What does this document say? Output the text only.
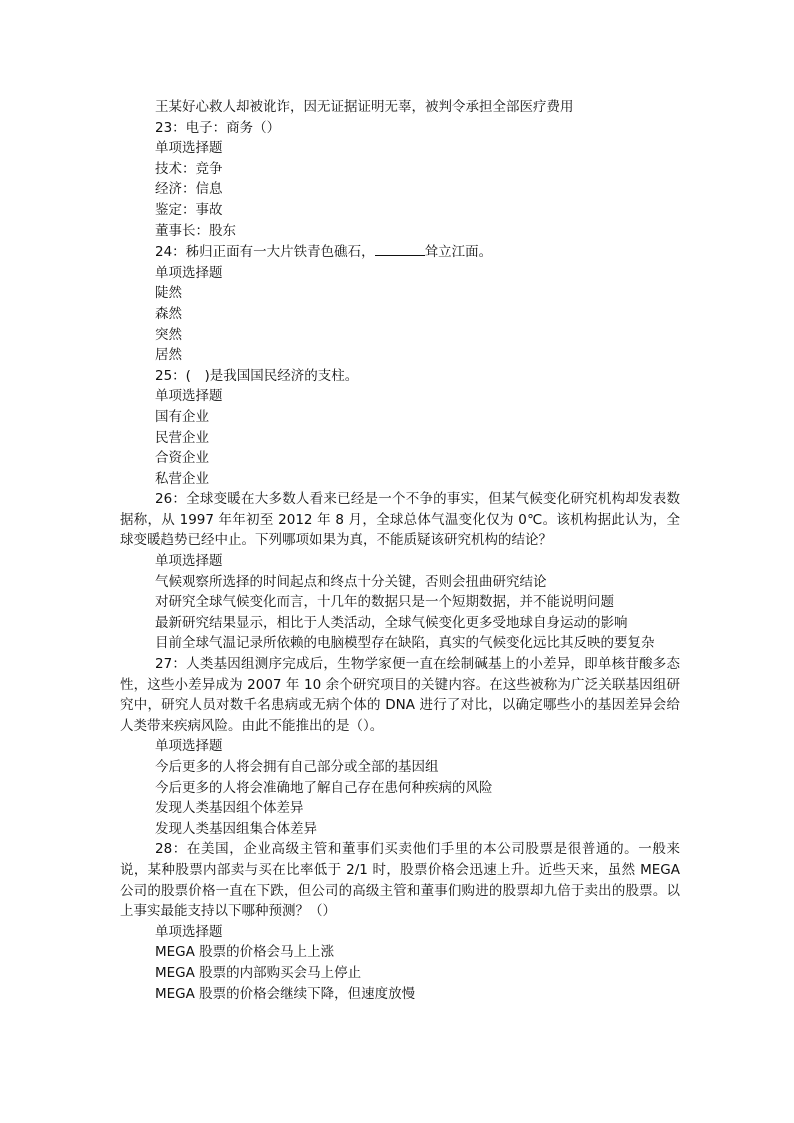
王某好心救人却被讹诈，因无证据证明无辜，被判令承担全部医疗费用
23：电子：商务（）
单项选择题
技术：竞争
经济：信息
鉴定：事故
董事长：股东
24：秭归正面有一大片铁青色礁石，	耸立江面。
单项选择题
陡然
森然
突然
居然
25：(　)是我国国民经济的支柱。
单项选择题
国有企业
民营企业
合资企业
私营企业
26：全球变暖在大多数人看来已经是一个不争的事实，但某气候变化研究机构却发表数据称，从 1997 年年初至 2012 年 8 月，全球总体气温变化仅为 0℃。该机构据此认为，全球变暖趋势已经中止。下列哪项如果为真，不能质疑该研究机构的结论？
单项选择题
气候观察所选择的时间起点和终点十分关键，否则会扭曲研究结论
对研究全球气候变化而言，十几年的数据只是一个短期数据，并不能说明问题
最新研究结果显示，相比于人类活动，全球气候变化更多受地球自身运动的影响
目前全球气温记录所依赖的电脑模型存在缺陷，真实的气候变化远比其反映的要复杂
27：人类基因组测序完成后，生物学家便一直在绘制碱基上的小差异，即单核苷酸多态性，这些小差异成为 2007 年 10 余个研究项目的关键内容。在这些被称为广泛关联基因组研究中，研究人员对数千名患病或无病个体的 DNA 进行了对比，以确定哪些小的基因差异会给人类带来疾病风险。由此不能推出的是（）。
单项选择题
今后更多的人将会拥有自己部分或全部的基因组
今后更多的人将会准确地了解自己存在患何种疾病的风险
发现人类基因组个体差异
发现人类基因组集合体差异
28：在美国，企业高级主管和董事们买卖他们手里的本公司股票是很普通的。一般来说，某种股票内部卖与买在比率低于 2/1 时，股票价格会迅速上升。近些天来，虽然 MEGA 公司的股票价格一直在下跌，但公司的高级主管和董事们购进的股票却九倍于卖出的股票。以上事实最能支持以下哪种预测？（）
单项选择题
MEGA 股票的价格会马上上涨
MEGA 股票的内部购买会马上停止
MEGA 股票的价格会继续下降，但速度放慢
